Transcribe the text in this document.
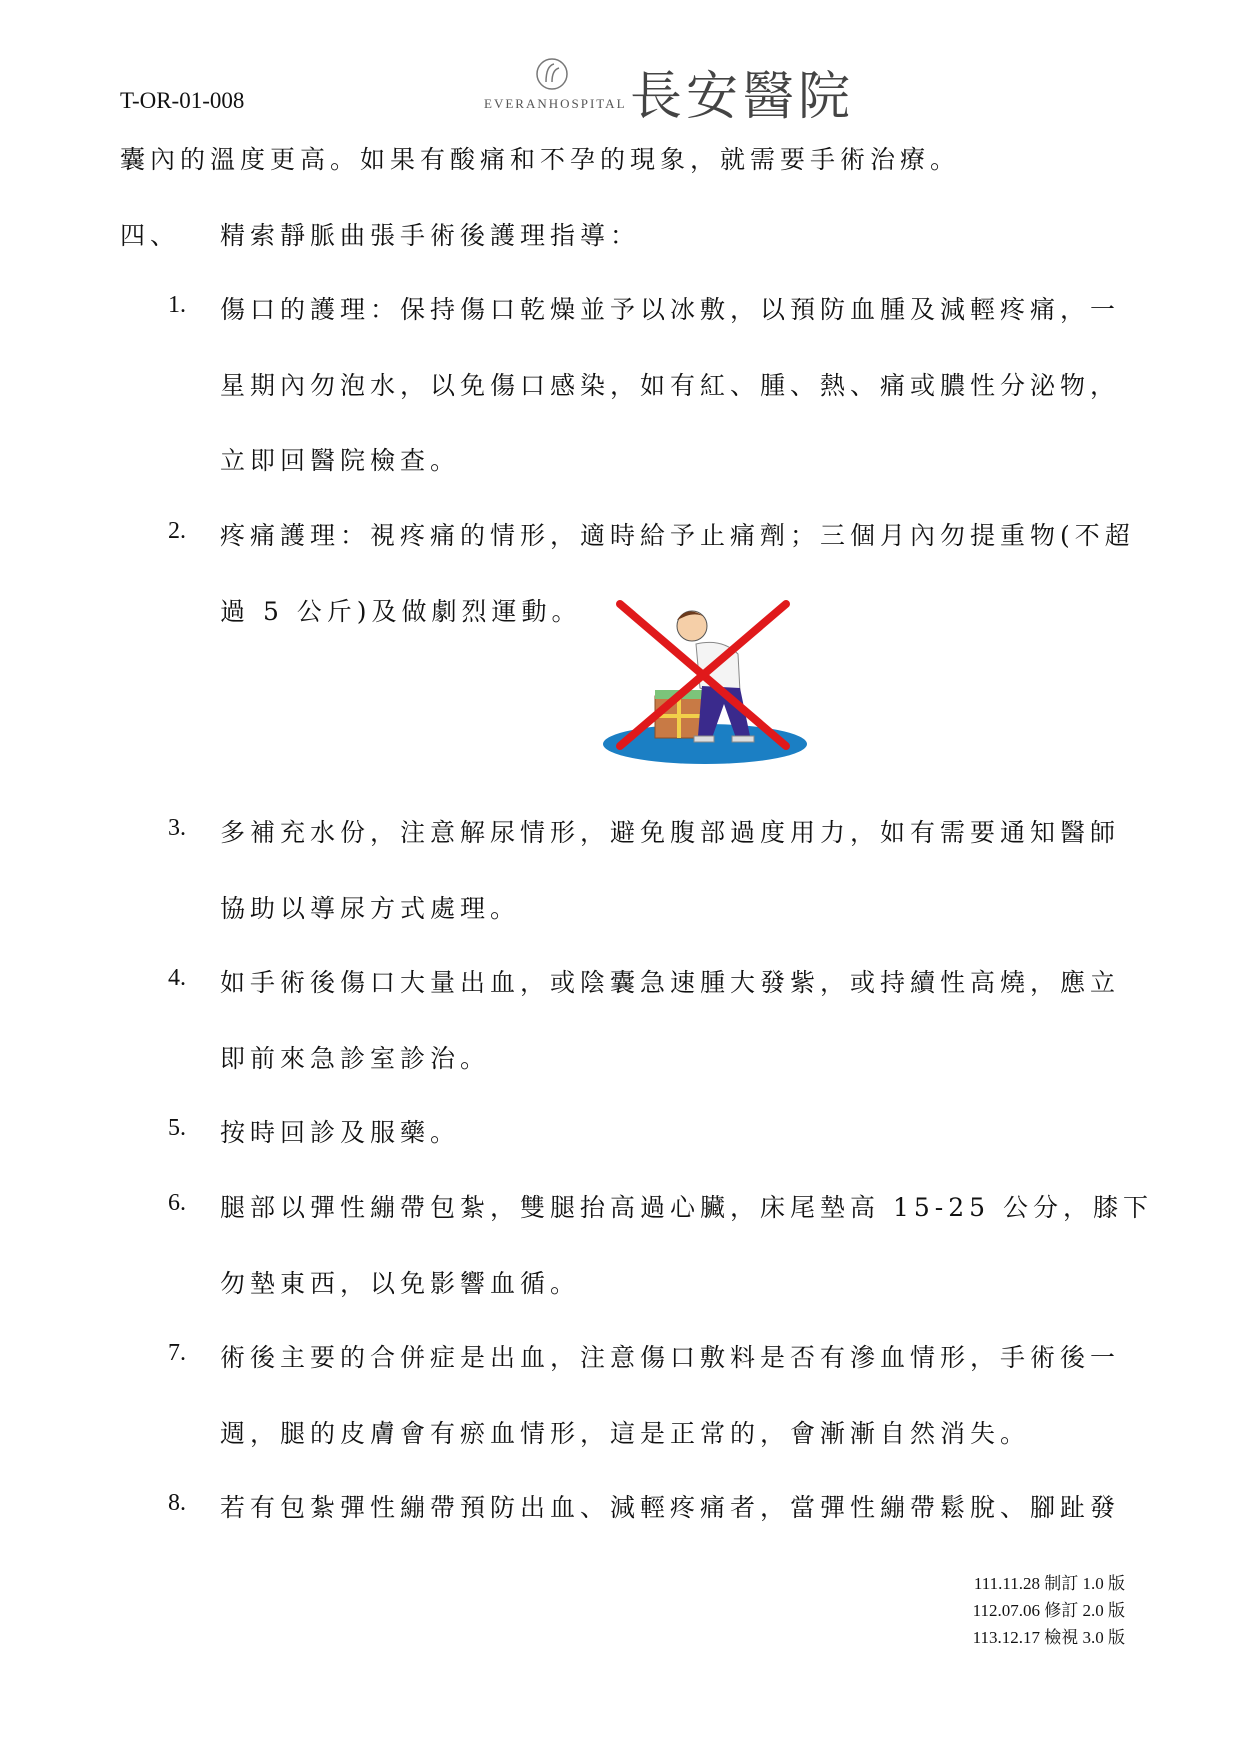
T-OR-01-008	EVERANHOSPITAL 長安醫院
囊內的溫度更高。如果有酸痛和不孕的現象，就需要手術治療。
四、 精索靜脈曲張手術後護理指導：
1. 傷口的護理：保持傷口乾燥並予以冰敷，以預防血腫及減輕疼痛，一
星期內勿泡水，以免傷口感染，如有紅、腫、熱、痛或膿性分泌物，
立即回醫院檢查。
2. 疼痛護理：視疼痛的情形，適時給予止痛劑；三個月內勿提重物(不超
過 5 公斤)及做劇烈運動。
3. 多補充水份，注意解尿情形，避免腹部過度用力，如有需要通知醫師
協助以導尿方式處理。
4. 如手術後傷口大量出血，或陰囊急速腫大發紫，或持續性高燒，應立
即前來急診室診治。
5. 按時回診及服藥。
6. 腿部以彈性繃帶包紮，雙腿抬高過心臟，床尾墊高 15-25 公分，膝下
勿墊東西，以免影響血循。
7. 術後主要的合併症是出血，注意傷口敷料是否有滲血情形，手術後一
週，腿的皮膚會有瘀血情形，這是正常的，會漸漸自然消失。
8. 若有包紮彈性繃帶預防出血、減輕疼痛者，當彈性繃帶鬆脫、腳趾發
111.11.28 制訂 1.0 版
112.07.06 修訂 2.0 版
113.12.17 檢視 3.0 版
